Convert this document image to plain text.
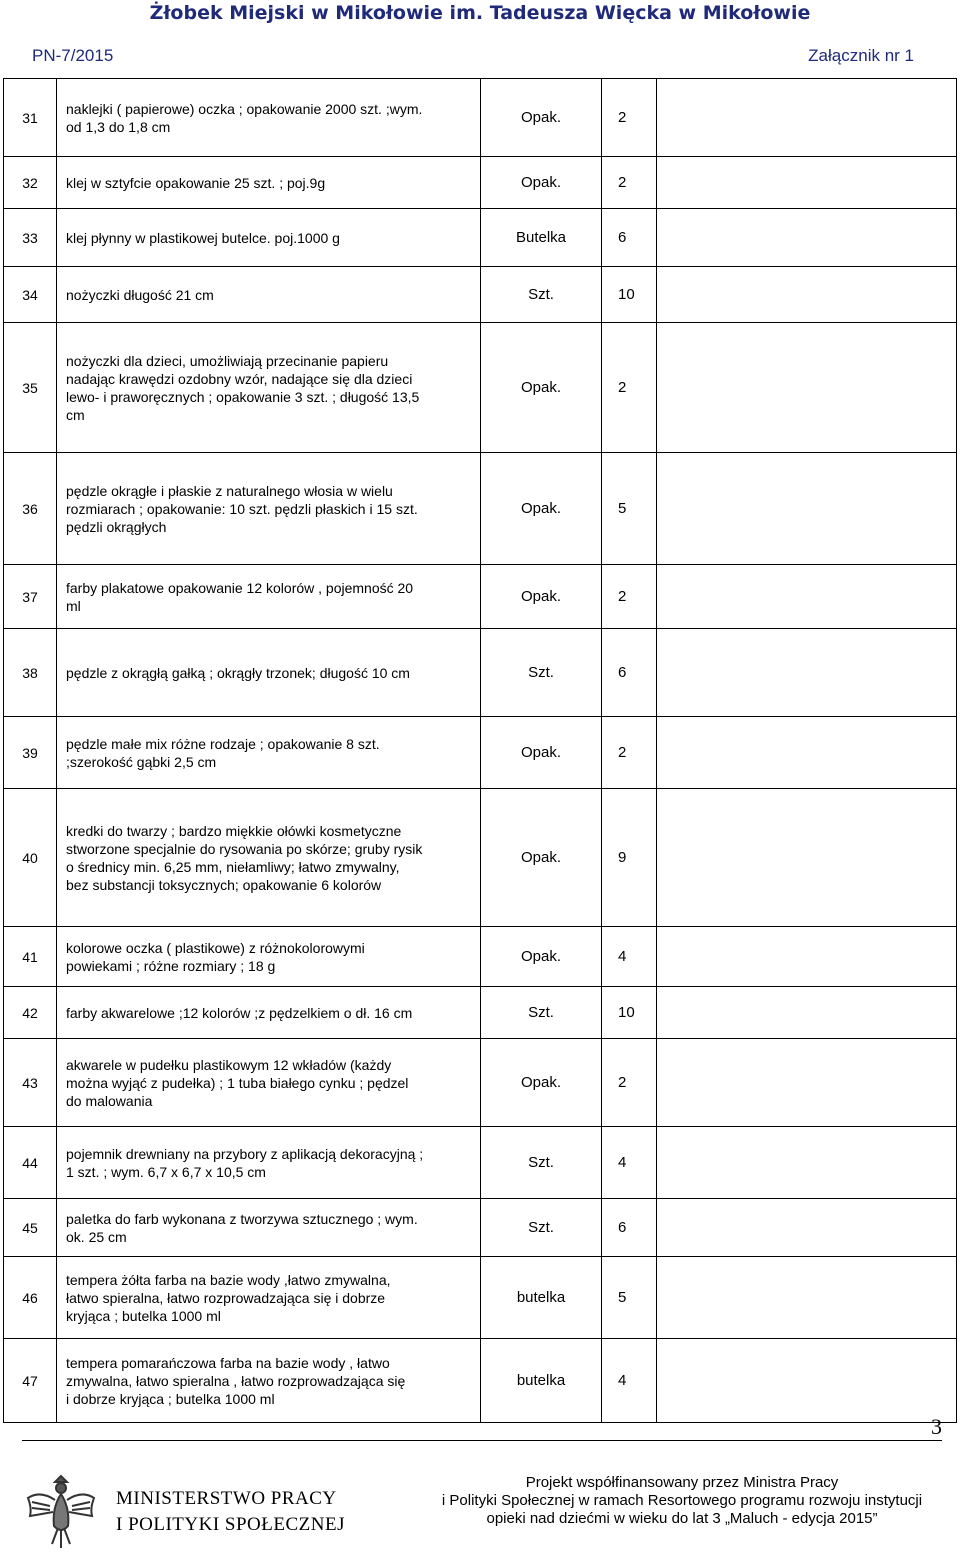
Żłobek Miejski w Mikołowie im. Tadeusza Więcka w Mikołowie
PN-7/2015	Załącznik nr 1
31	naklejki ( papierowe) oczka ; opakowanie 2000 szt. ;wym.
od 1,3 do 1,8 cm	Opak.	2	
32	klej w sztyfcie opakowanie 25 szt. ; poj.9g	Opak.	2	
33	klej płynny w plastikowej butelce. poj.1000 g	Butelka	6	
34	nożyczki długość 21 cm	Szt.	10	
35	nożyczki dla dzieci, umożliwiają przecinanie papieru
nadając krawędzi ozdobny wzór, nadające się dla dzieci
lewo- i praworęcznych ; opakowanie 3 szt. ; długość 13,5
cm	Opak.	2	
36	pędzle okrągłe i płaskie z naturalnego włosia w wielu
rozmiarach ; opakowanie: 10 szt. pędzli płaskich i 15 szt.
pędzli okrągłych	Opak.	5	
37	farby plakatowe opakowanie 12 kolorów , pojemność 20
ml	Opak.	2	
38	pędzle z okrągłą gałką ; okrągły trzonek; długość 10 cm	Szt.	6	
39	pędzle małe mix różne rodzaje ; opakowanie 8 szt.
;szerokość gąbki 2,5 cm	Opak.	2	
40	kredki do twarzy ; bardzo miękkie ołówki kosmetyczne
stworzone specjalnie do rysowania po skórze; gruby rysik
o średnicy min. 6,25 mm, niełamliwy; łatwo zmywalny,
bez substancji toksycznych; opakowanie 6 kolorów	Opak.	9	
41	kolorowe oczka ( plastikowe) z różnokolorowymi
powiekami ; różne rozmiary ; 18 g	Opak.	4	
42	farby akwarelowe ;12 kolorów ;z pędzelkiem o dł. 16 cm	Szt.	10	
43	akwarele w pudełku plastikowym 12 wkładów (każdy
można wyjąć z pudełka) ; 1 tuba białego cynku ; pędzel
do malowania	Opak.	2	
44	pojemnik drewniany na przybory z aplikacją dekoracyjną ;
1 szt. ; wym. 6,7 x 6,7 x 10,5 cm	Szt.	4	
45	paletka do farb wykonana z tworzywa sztucznego ; wym.
ok. 25 cm	Szt.	6	
46	tempera żółta farba na bazie wody ,łatwo zmywalna,
łatwo spieralna, łatwo rozprowadzająca się i dobrze
kryjąca ; butelka 1000 ml	butelka	5	
47	tempera pomarańczowa farba na bazie wody , łatwo
zmywalna, łatwo spieralna , łatwo rozprowadzająca się
i dobrze kryjąca ; butelka 1000 ml	butelka	4	
3
MINISTERSTWO PRACY
I POLITYKI SPOŁECZNEJ
Projekt współfinansowany przez Ministra Pracy
i Polityki Społecznej w ramach Resortowego programu rozwoju instytucji
opieki nad dziećmi w wieku do lat 3 „Maluch - edycja 2015”
